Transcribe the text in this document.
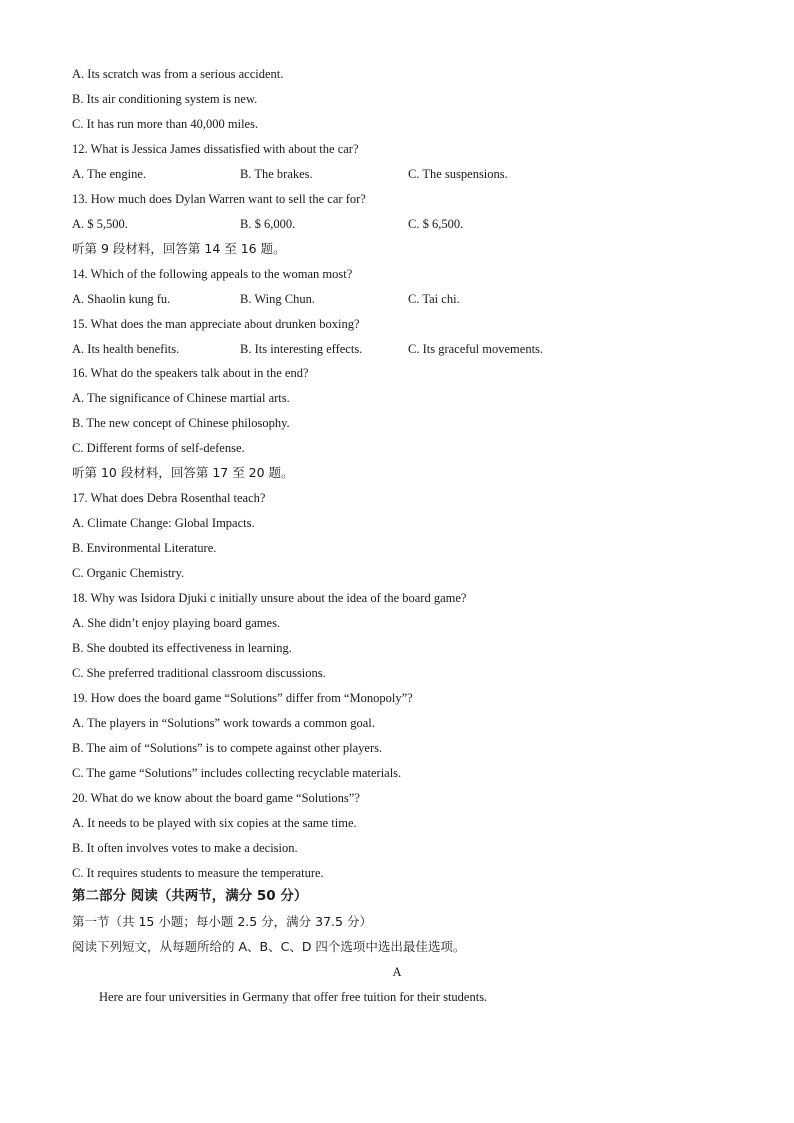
A. Its scratch was from a serious accident.
B. Its air conditioning system is new.
C. It has run more than 40,000 miles.
12. What is Jessica James dissatisfied with about the car?
A. The engine.	B. The brakes.	C. The suspensions.
13. How much does Dylan Warren want to sell the car for?
A. $ 5,500.	B. $ 6,000.	C. $ 6,500.
听第 9 段材料，回答第 14 至 16 题。
14. Which of the following appeals to the woman most?
A. Shaolin kung fu.	B. Wing Chun.	C. Tai chi.
15. What does the man appreciate about drunken boxing?
A. Its health benefits.	B. Its interesting effects.	C. Its graceful movements.
16. What do the speakers talk about in the end?
A. The significance of Chinese martial arts.
B. The new concept of Chinese philosophy.
C. Different forms of self-defense.
听第 10 段材料，回答第 17 至 20 题。
17. What does Debra Rosenthal teach?
A. Climate Change: Global Impacts.
B. Environmental Literature.
C. Organic Chemistry.
18. Why was Isidora Djuki c initially unsure about the idea of the board game?
A. She didn’t enjoy playing board games.
B. She doubted its effectiveness in learning.
C. She preferred traditional classroom discussions.
19. How does the board game “Solutions” differ from “Monopoly”?
A. The players in “Solutions” work towards a common goal.
B. The aim of “Solutions” is to compete against other players.
C. The game “Solutions” includes collecting recyclable materials.
20. What do we know about the board game “Solutions”?
A. It needs to be played with six copies at the same time.
B. It often involves votes to make a decision.
C. It requires students to measure the temperature.
第二部分 阅读（共两节，满分 50 分）
第一节（共 15 小题；每小题 2.5 分，满分 37.5 分）
阅读下列短文，从每题所给的 A、B、C、D 四个选项中选出最佳选项。
A
Here are four universities in Germany that offer free tuition for their students.
